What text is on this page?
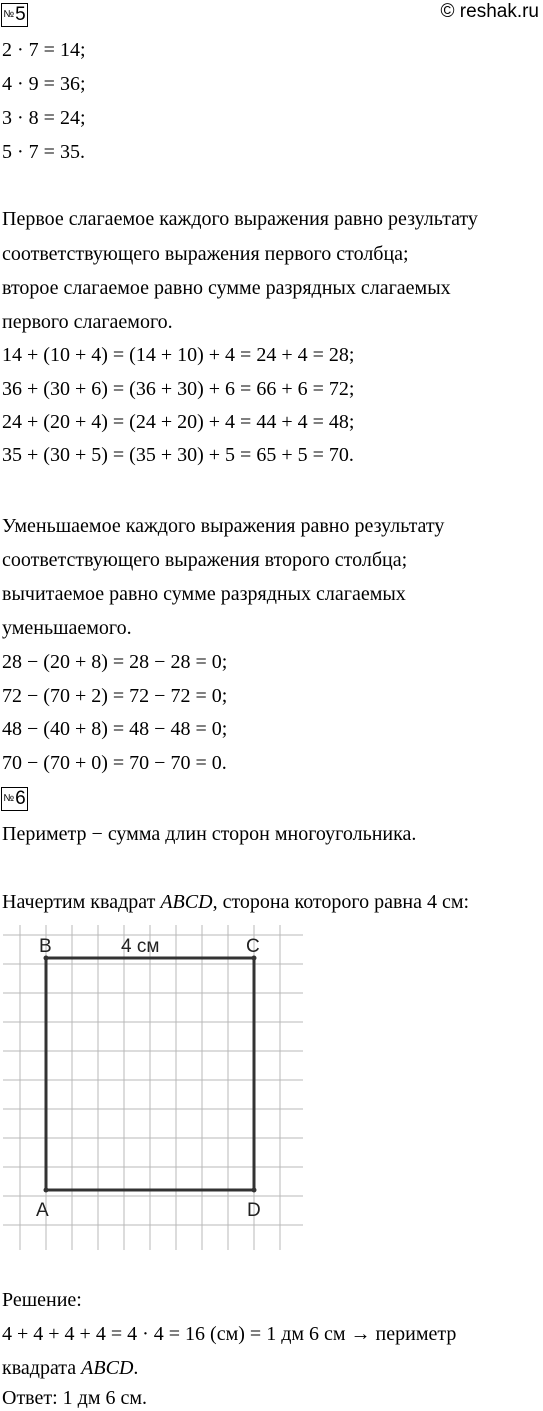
© reshak.ru
№ 5
2 · 7 = 14;
4 · 9 = 36;
3 · 8 = 24;
5 · 7 = 35.
Первое слагаемое каждого выражения равно результату
соответствующего выражения первого столбца;
второе слагаемое равно сумме разрядных слагаемых
первого слагаемого.
14 + (10 + 4) = (14 + 10) + 4 = 24 + 4 = 28;
36 + (30 + 6) = (36 + 30) + 6 = 66 + 6 = 72;
24 + (20 + 4) = (24 + 20) + 4 = 44 + 4 = 48;
35 + (30 + 5) = (35 + 30) + 5 = 65 + 5 = 70.
Уменьшаемое каждого выражения равно результату
соответствующего выражения второго столбца;
вычитаемое равно сумме разрядных слагаемых
уменьшаемого.
28 − (20 + 8) = 28 − 28 = 0;
72 − (70 + 2) = 72 − 72 = 0;
48 − (40 + 8) = 48 − 48 = 0;
70 − (70 + 0) = 70 − 70 = 0.
№ 6
Периметр − сумма длин сторон многоугольника.
Начертим квадрат ABCD, сторона которого равна 4 см:
B	4 см	C
A	D
Решение:
4 + 4 + 4 + 4 = 4 · 4 = 16 (см) = 1 дм 6 см → периметр
квадрата ABCD.
Ответ: 1 дм 6 см.
